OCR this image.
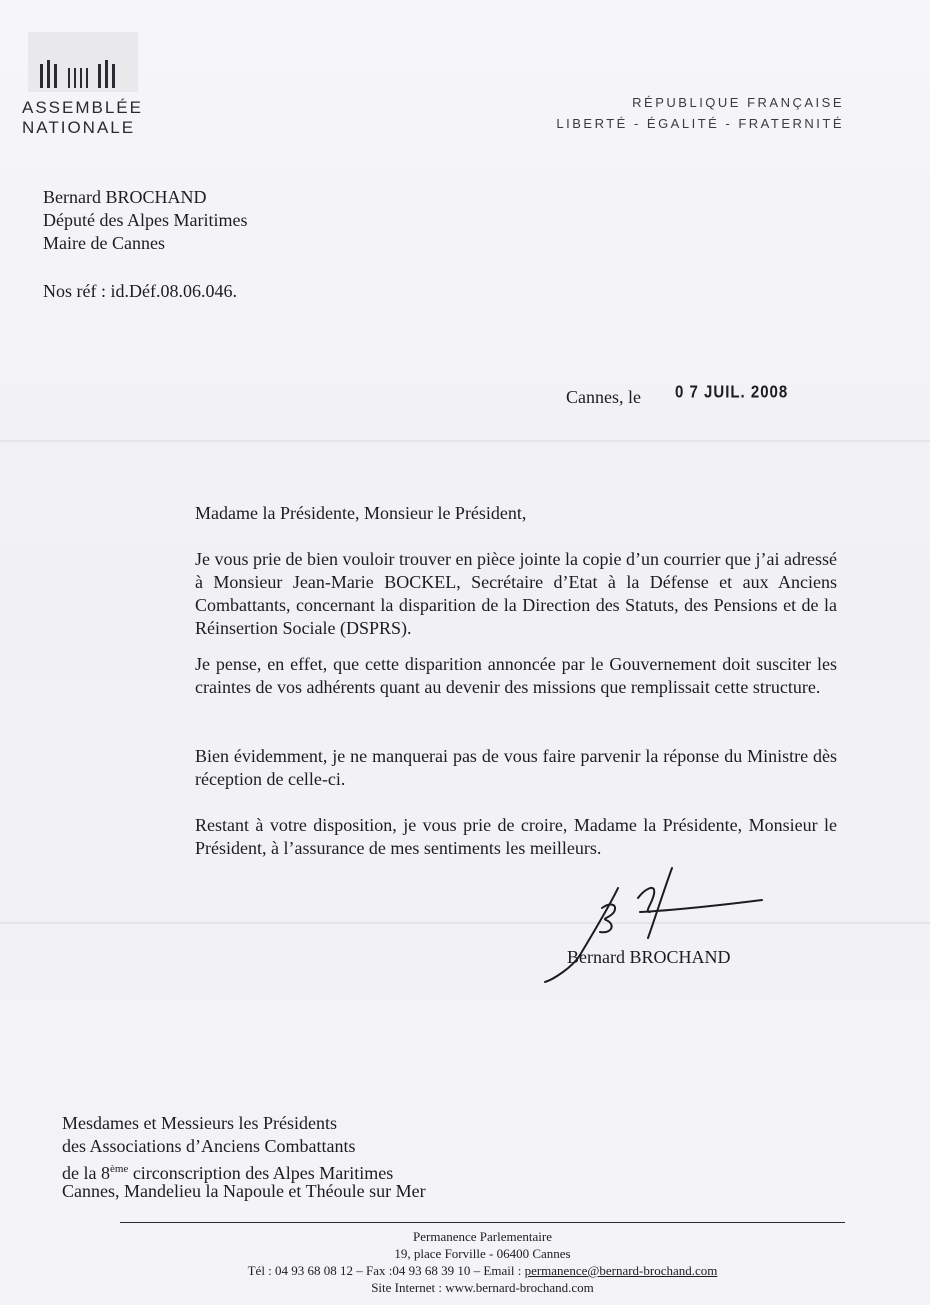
ASSEMBLÉE
NATIONALE
RÉPUBLIQUE FRANÇAISE
LIBERTÉ - ÉGALITÉ - FRATERNITÉ
Bernard BROCHAND
Député des Alpes Maritimes
Maire de Cannes
Nos réf : id.Déf.08.06.046.
Cannes, le 0 7 JUIL. 2008
Madame la Présidente, Monsieur le Président,
Je vous prie de bien vouloir trouver en pièce jointe la copie d’un courrier que j’ai adressé à Monsieur Jean-Marie BOCKEL, Secrétaire d’Etat à la Défense et aux Anciens Combattants, concernant la disparition de la Direction des Statuts, des Pensions et de la Réinsertion Sociale (DSPRS).
Je pense, en effet, que cette disparition annoncée par le Gouvernement doit susciter les craintes de vos adhérents quant au devenir des missions que remplissait cette structure.
Bien évidemment, je ne manquerai pas de vous faire parvenir la réponse du Ministre dès réception de celle-ci.
Restant à votre disposition, je vous prie de croire, Madame la Présidente, Monsieur le Président, à l’assurance de mes sentiments les meilleurs.
Bernard BROCHAND
Mesdames et Messieurs les Présidents
des Associations d’Anciens Combattants
de la 8ème circonscription des Alpes Maritimes
Cannes, Mandelieu la Napoule et Théoule sur Mer
Permanence Parlementaire
19, place Forville - 06400 Cannes
Tél : 04 93 68 08 12 – Fax :04 93 68 39 10 – Email : permanence@bernard-brochand.com
Site Internet : www.bernard-brochand.com
